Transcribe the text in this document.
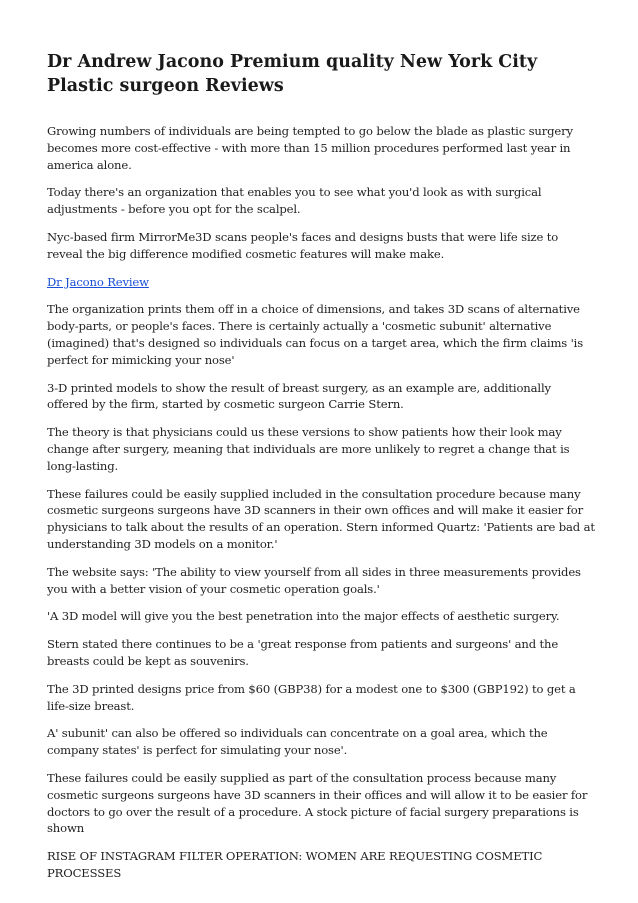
Dr Andrew Jacono Premium quality New York City Plastic surgeon Reviews

Growing numbers of individuals are being tempted to go below the blade as plastic surgery becomes more cost-effective - with more than 15 million procedures performed last year in america alone.

Today there's an organization that enables you to see what you'd look as with surgical adjustments - before you opt for the scalpel.

Nyc-based firm MirrorMe3D scans people's faces and designs busts that were life size to reveal the big difference modified cosmetic features will make make.

Dr Jacono Review

The organization prints them off in a choice of dimensions, and takes 3D scans of alternative body-parts, or people's faces. There is certainly actually a 'cosmetic subunit' alternative (imagined) that's designed so individuals can focus on a target area, which the firm claims 'is perfect for mimicking your nose'

3-D printed models to show the result of breast surgery, as an example are, additionally offered by the firm, started by cosmetic surgeon Carrie Stern.

The theory is that physicians could us these versions to show patients how their look may change after surgery, meaning that individuals are more unlikely to regret a change that is long-lasting.

These failures could be easily supplied included in the consultation procedure because many cosmetic surgeons surgeons have 3D scanners in their own offices and will make it easier for physicians to talk about the results of an operation. Stern informed Quartz: 'Patients are bad at understanding 3D models on a monitor.'

The website says: 'The ability to view yourself from all sides in three measurements provides you with a better vision of your cosmetic operation goals.'

'A 3D model will give you the best penetration into the major effects of aesthetic surgery.

Stern stated there continues to be a 'great response from patients and surgeons' and the breasts could be kept as souvenirs.

The 3D printed designs price from $60 (GBP38) for a modest one to $300 (GBP192) to get a life-size breast.

A' subunit' can also be offered so individuals can concentrate on a goal area, which the company states' is perfect for simulating your nose'.

These failures could be easily supplied as part of the consultation process because many cosmetic surgeons surgeons have 3D scanners in their offices and will allow it to be easier for doctors to go over the result of a procedure. A stock picture of facial surgery preparations is shown

RISE OF INSTAGRAM FILTER OPERATION: WOMEN ARE REQUESTING COSMETIC PROCESSES
